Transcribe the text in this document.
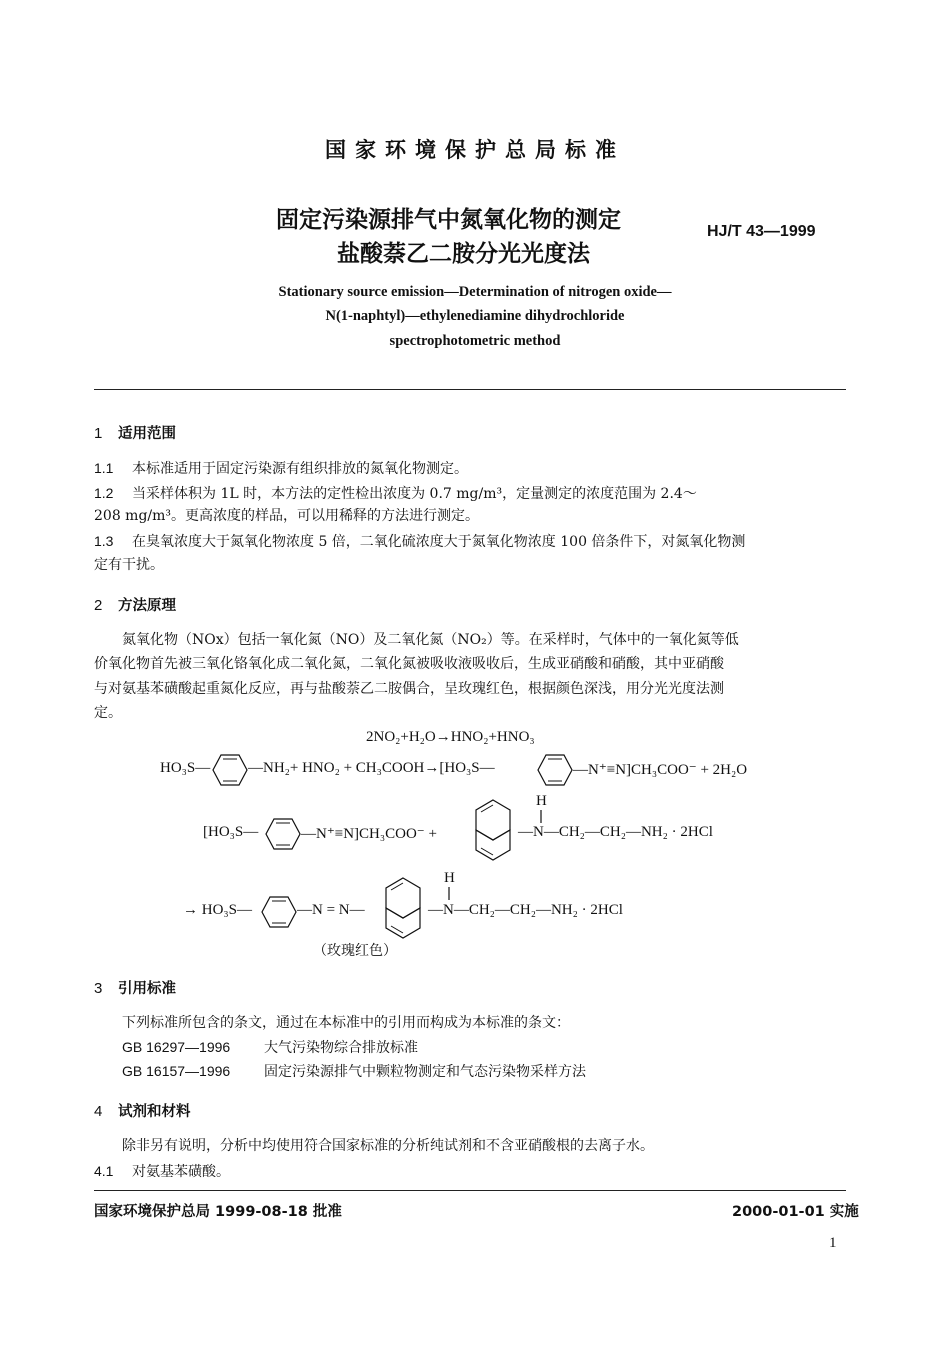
国家环境保护总局标准
固定污染源排气中氮氧化物的测定
盐酸萘乙二胺分光光度法
HJ/T 43—1999
Stationary source emission—Determination of nitrogen oxide—
N(1-naphtyl)—ethylenediamine dihydrochloride
spectrophotometric method
1 适用范围
1.1 本标准适用于固定污染源有组织排放的氮氧化物测定。
1.2 当采样体积为 1L 时，本方法的定性检出浓度为 0.7 mg/m³，定量测定的浓度范围为 2.4～
208 mg/m³。更高浓度的样品，可以用稀释的方法进行测定。
1.3 在臭氧浓度大于氮氧化物浓度 5 倍，二氧化硫浓度大于氮氧化物浓度 100 倍条件下，对氮氧化物测
定有干扰。
2 方法原理
氮氧化物（NOx）包括一氧化氮（NO）及二氧化氮（NO₂）等。在采样时，气体中的一氧化氮等低
价氧化物首先被三氧化铬氧化成二氧化氮，二氧化氮被吸收液吸收后，生成亚硝酸和硝酸，其中亚硝酸
与对氨基苯磺酸起重氮化反应，再与盐酸萘乙二胺偶合，呈玫瑰红色，根据颜色深浅，用分光光度法测
定。
2NO₂+H₂O→HNO₂+HNO₃
HO₃S—	—NH₂+ HNO₂ + CH₃COOH→[HO₃S—	—N⁺≡N]CH₃COO⁻ + 2H₂O
H
[HO₃S—	—N⁺≡N]CH₃COO⁻ +	—N—CH₂—CH₂—NH₂ · 2HCl
H
→ HO₃S—	—N = N—	—N—CH₂—CH₂—NH₂ · 2HCl
（玫瑰红色）
3 引用标准
下列标准所包含的条文，通过在本标准中的引用而构成为本标准的条文：
GB 16297—1996 大气污染物综合排放标准
GB 16157—1996 固定污染源排气中颗粒物测定和气态污染物采样方法
4 试剂和材料
除非另有说明，分析中均使用符合国家标准的分析纯试剂和不含亚硝酸根的去离子水。
4.1 对氨基苯磺酸。
国家环境保护总局 1999-08-18 批准	2000-01-01 实施
1
